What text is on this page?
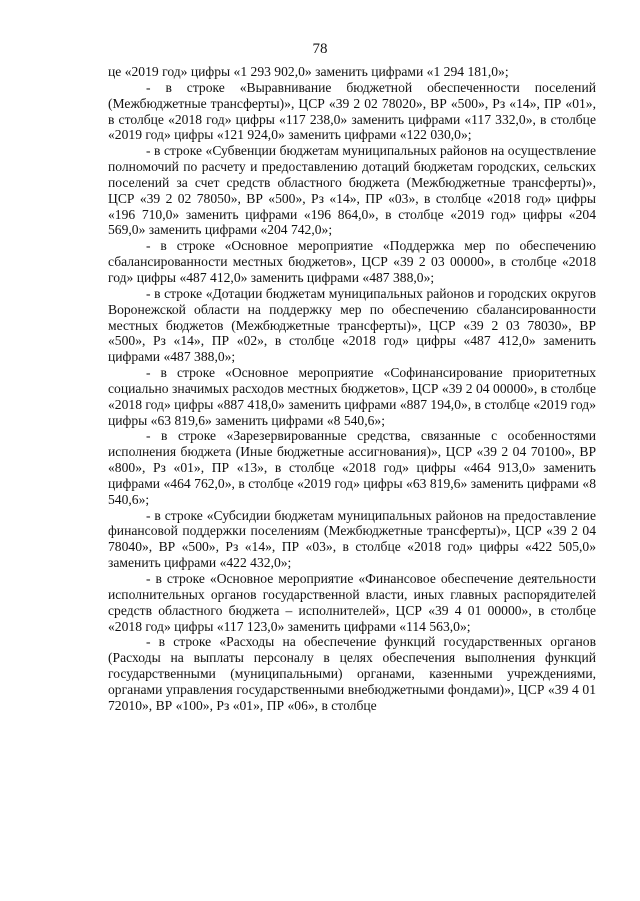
78

це «2019 год» цифры «1 293 902,0» заменить цифрами «1 294 181,0»;

- в строке «Выравнивание бюджетной обеспеченности поселений (Межбюджетные трансферты)», ЦСР «39 2 02 78020», ВР «500», Рз «14», ПР «01», в столбце «2018 год» цифры «117 238,0» заменить цифрами «117 332,0», в столбце «2019 год» цифры «121 924,0» заменить цифрами «122 030,0»;

- в строке «Субвенции бюджетам муниципальных районов на осуществление полномочий по расчету и предоставлению дотаций бюджетам городских, сельских поселений за счет средств областного бюджета (Межбюджетные трансферты)», ЦСР «39 2 02 78050», ВР «500», Рз «14», ПР «03», в столбце «2018 год» цифры «196 710,0» заменить цифрами «196 864,0», в столбце «2019 год» цифры «204 569,0» заменить цифрами «204 742,0»;

- в строке «Основное мероприятие «Поддержка мер по обеспечению сбалансированности местных бюджетов», ЦСР «39 2 03 00000», в столбце «2018 год» цифры «487 412,0» заменить цифрами «487 388,0»;

- в строке «Дотации бюджетам муниципальных районов и городских округов Воронежской области на поддержку мер по обеспечению сбалансированности местных бюджетов (Межбюджетные трансферты)», ЦСР «39 2 03 78030», ВР «500», Рз «14», ПР «02», в столбце «2018 год» цифры «487 412,0» заменить цифрами «487 388,0»;

- в строке «Основное мероприятие «Софинансирование приоритетных социально значимых расходов местных бюджетов», ЦСР «39 2 04 00000», в столбце «2018 год» цифры «887 418,0» заменить цифрами «887 194,0», в столбце «2019 год» цифры «63 819,6» заменить цифрами «8 540,6»;

- в строке «Зарезервированные средства, связанные с особенностями исполнения бюджета (Иные бюджетные ассигнования)», ЦСР «39 2 04 70100», ВР «800», Рз «01», ПР «13», в столбце «2018 год» цифры «464 913,0» заменить цифрами «464 762,0», в столбце «2019 год» цифры «63 819,6» заменить цифрами «8 540,6»;

- в строке «Субсидии бюджетам муниципальных районов на предоставление финансовой поддержки поселениям (Межбюджетные трансферты)», ЦСР «39 2 04 78040», ВР «500», Рз «14», ПР «03», в столбце «2018 год» цифры «422 505,0» заменить цифрами «422 432,0»;

- в строке «Основное мероприятие «Финансовое обеспечение деятельности исполнительных органов государственной власти, иных главных распорядителей средств областного бюджета – исполнителей», ЦСР «39 4 01 00000», в столбце «2018 год» цифры «117 123,0» заменить цифрами «114 563,0»;

- в строке «Расходы на обеспечение функций государственных органов (Расходы на выплаты персоналу в целях обеспечения выполнения функций государственными (муниципальными) органами, казенными учреждениями, органами управления государственными внебюджетными фондами)», ЦСР «39 4 01 72010», ВР «100», Рз «01», ПР «06», в столбце
